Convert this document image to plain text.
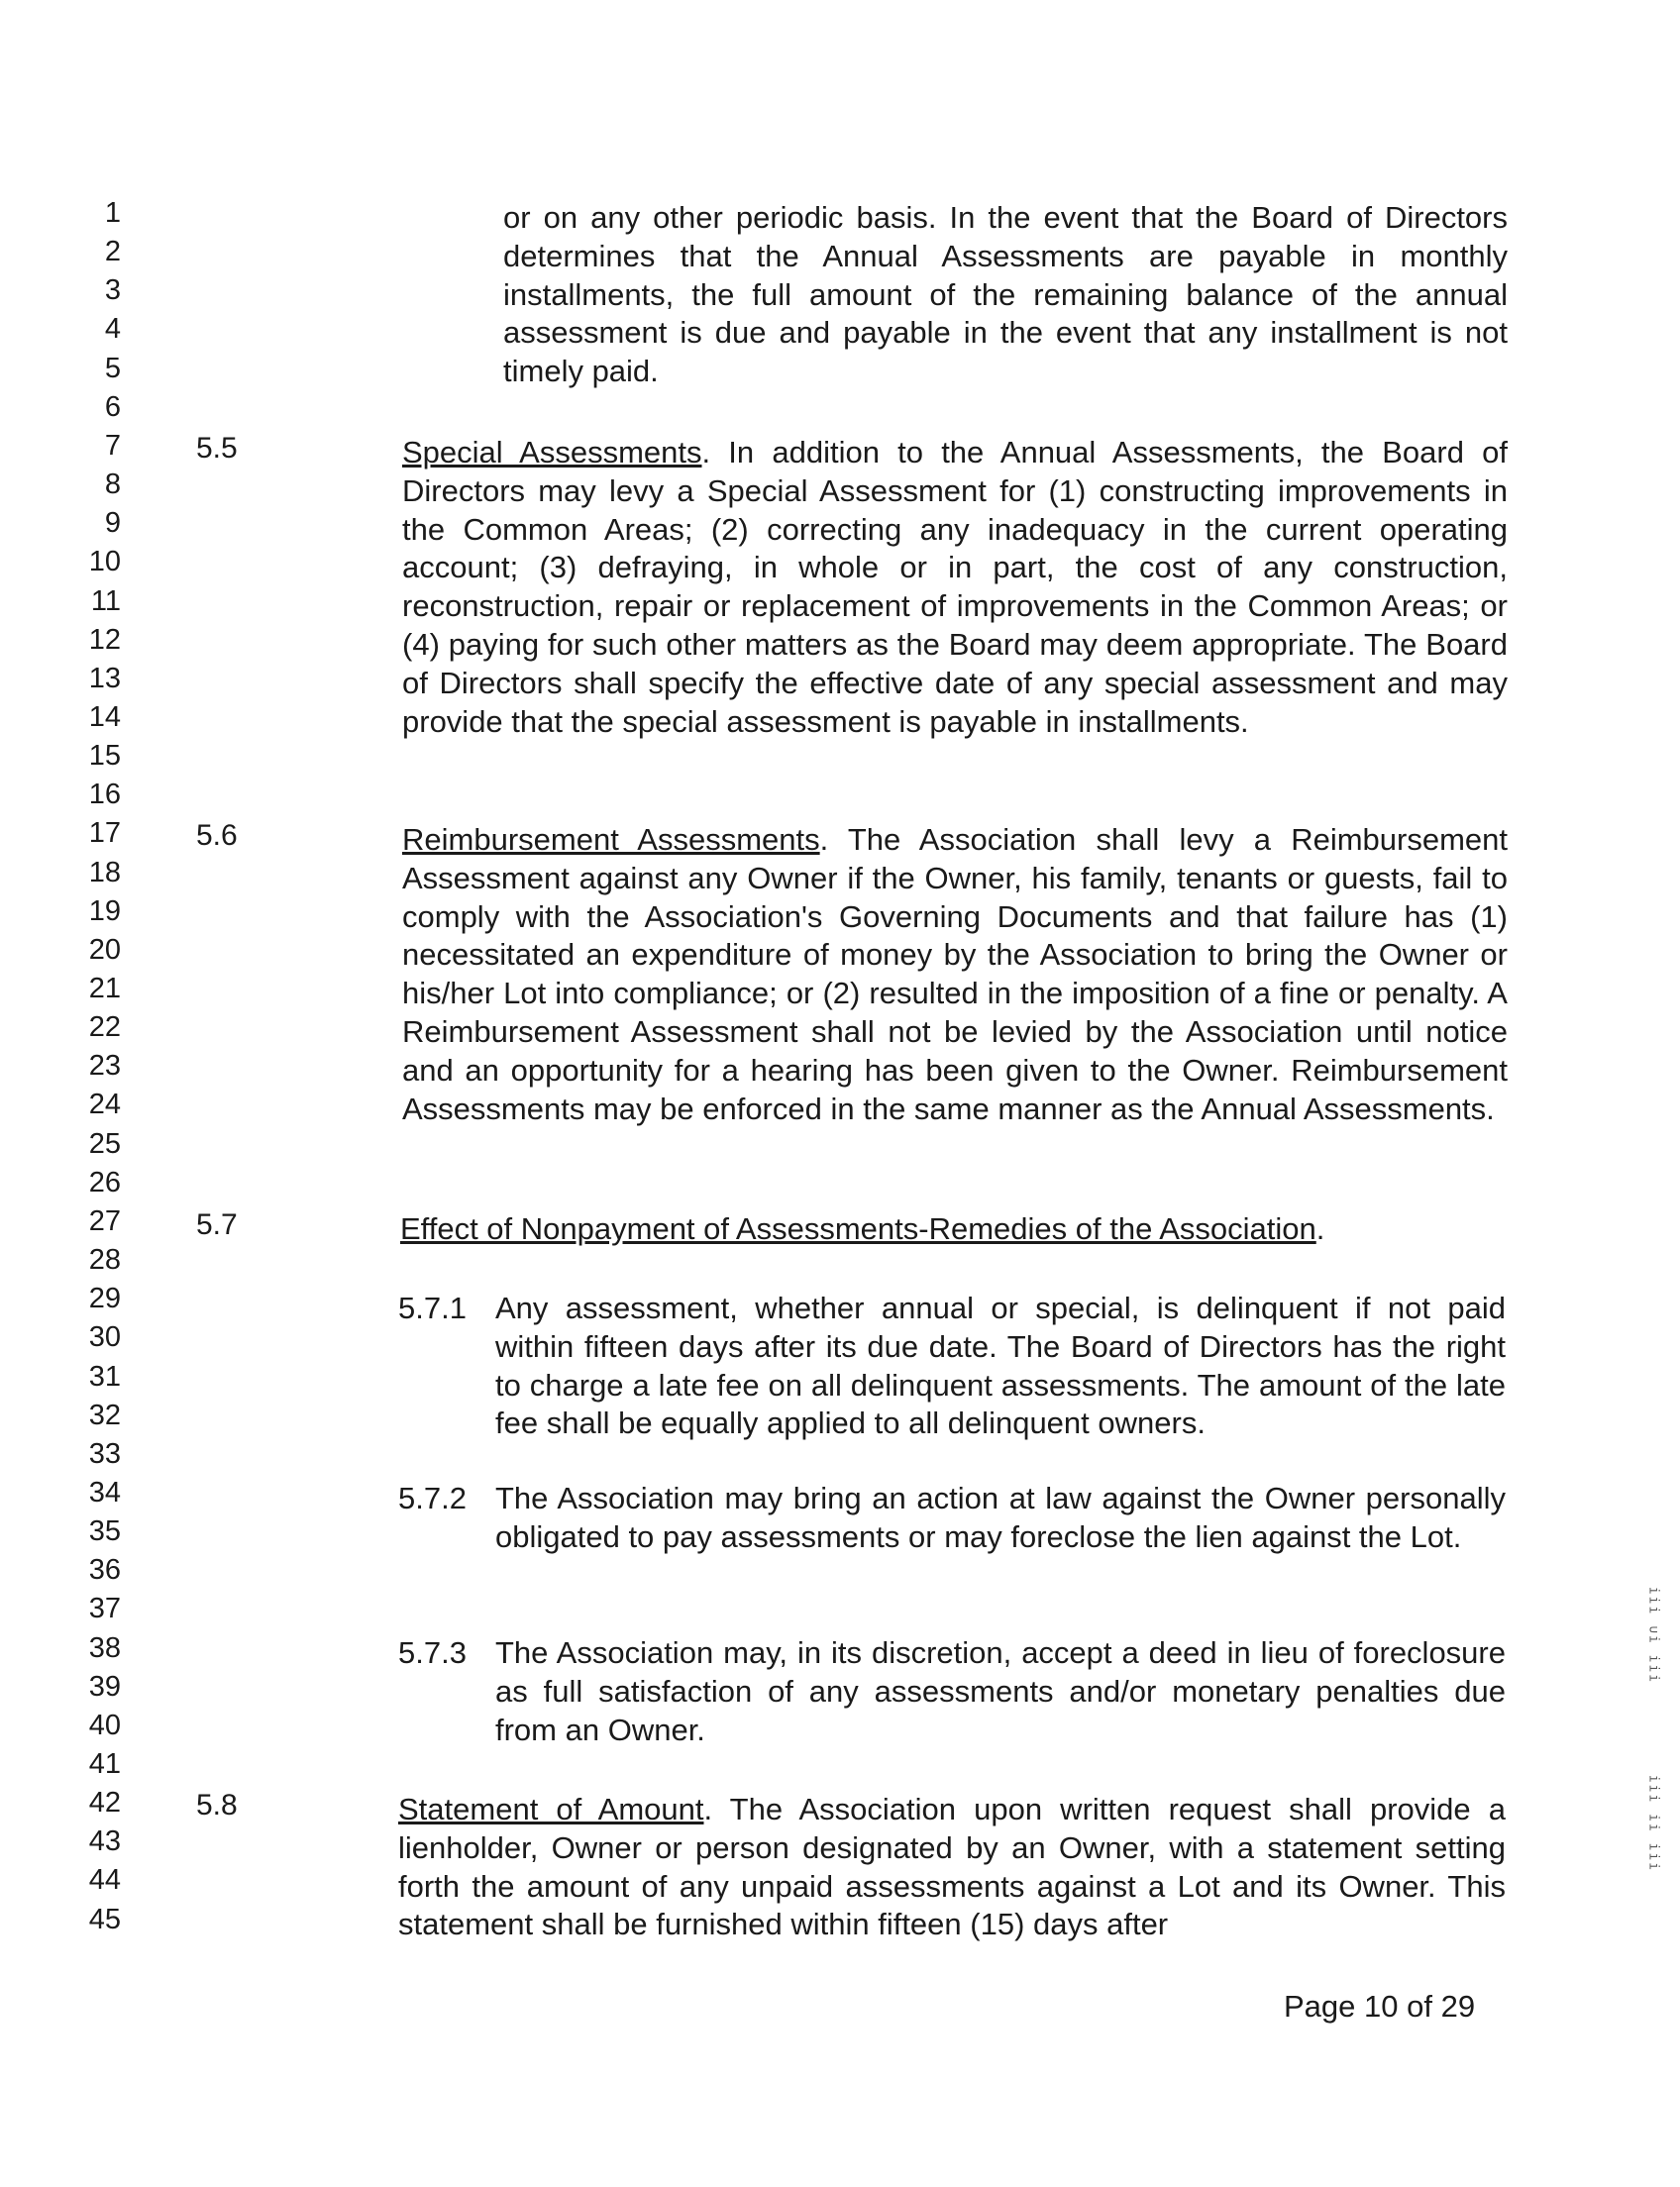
1
2
3
4
5
6
7
8
9
10
11
12
13
14
15
16
17
18
19
20
21
22
23
24
25
26
27
28
29
30
31
32
33
34
35
36
37
38
39
40
41
42
43
44
45
or on any other periodic basis. In the event that the Board of Directors determines that the Annual Assessments are payable in monthly installments, the full amount of the remaining balance of the annual assessment is due and payable in the event that any installment is not timely paid.
5.5	Special Assessments. In addition to the Annual Assessments, the Board of Directors may levy a Special Assessment for (1) constructing improvements in the Common Areas; (2) correcting any inadequacy in the current operating account; (3) defraying, in whole or in part, the cost of any construction, reconstruction, repair or replacement of improvements in the Common Areas; or (4) paying for such other matters as the Board may deem appropriate. The Board of Directors shall specify the effective date of any special assessment and may provide that the special assessment is payable in installments.
5.6	Reimbursement Assessments. The Association shall levy a Reimbursement Assessment against any Owner if the Owner, his family, tenants or guests, fail to comply with the Association's Governing Documents and that failure has (1) necessitated an expenditure of money by the Association to bring the Owner or his/her Lot into compliance; or (2) resulted in the imposition of a fine or penalty. A Reimbursement Assessment shall not be levied by the Association until notice and an opportunity for a hearing has been given to the Owner. Reimbursement Assessments may be enforced in the same manner as the Annual Assessments.
5.7	Effect of Nonpayment of Assessments-Remedies of the Association.
5.7.1 Any assessment, whether annual or special, is delinquent if not paid within fifteen days after its due date. The Board of Directors has the right to charge a late fee on all delinquent assessments. The amount of the late fee shall be equally applied to all delinquent owners.
5.7.2 The Association may bring an action at law against the Owner personally obligated to pay assessments or may foreclose the lien against the Lot.
5.7.3 The Association may, in its discretion, accept a deed in lieu of foreclosure as full satisfaction of any assessments and/or monetary penalties due from an Owner.
5.8	Statement of Amount. The Association upon written request shall provide a lienholder, Owner or person designated by an Owner, with a statement setting forth the amount of any unpaid assessments against a Lot and its Owner. This statement shall be furnished within fifteen (15) days after
Page 10 of 29
ᴉᴉᴉ ᴉ∩ ᴉᴉᴉ
ᴉᴉᴉ ᴉᴉ ᴉᴉᴉ
